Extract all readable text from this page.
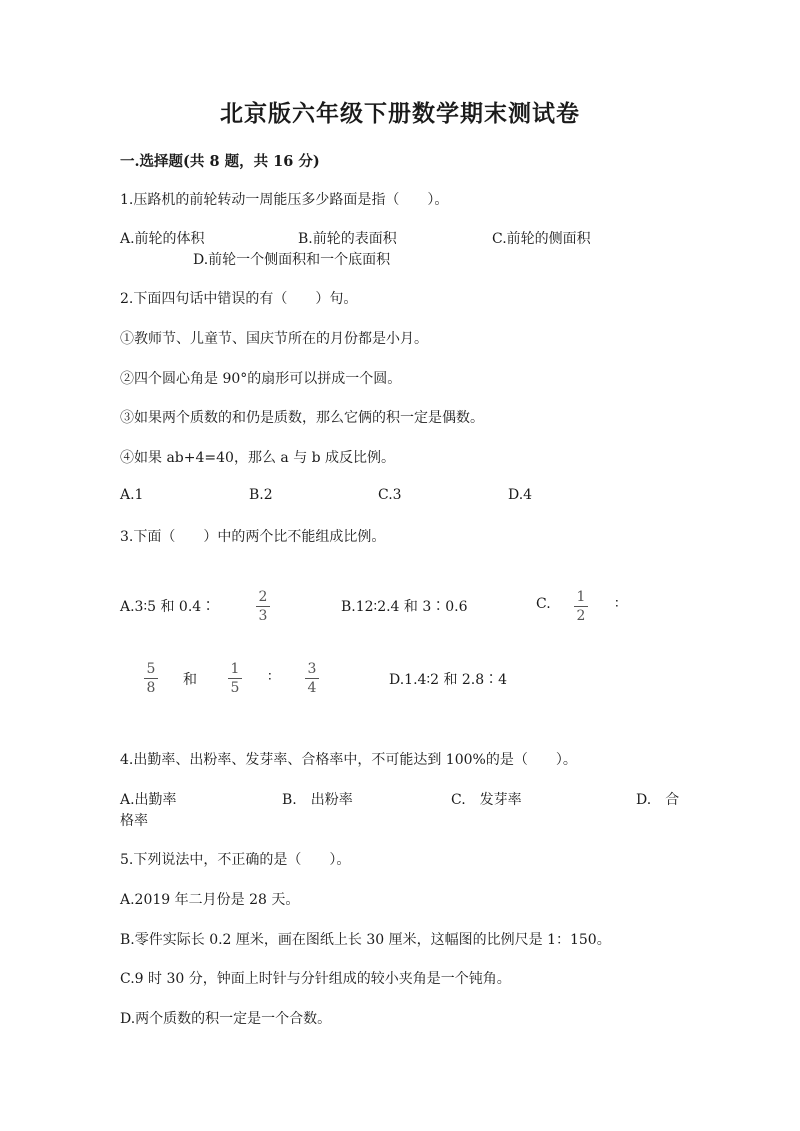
北京版六年级下册数学期末测试卷
一.选择题(共 8 题，共 16 分)
1.压路机的前轮转动一周能压多少路面是指（　　）。
A.前轮的体积	B.前轮的表面积	C.前轮的侧面积
D.前轮一个侧面积和一个底面积
2.下面四句话中错误的有（　　）句。
①教师节、儿童节、国庆节所在的月份都是小月。
②四个圆心角是 90°的扇形可以拼成一个圆。
③如果两个质数的和仍是质数，那么它俩的积一定是偶数。
④如果 ab+4=40，那么 a 与 b 成反比例。
A.1	B.2	C.3	D.4
3.下面（　　）中的两个比不能组成比例。
A.3∶5 和 0.4∶
2
3
B.12∶2.4 和 3∶0.6	C.	1
2
∶
5
8	和
1
5
∶	3
4	D.1.4∶2 和 2.8∶4
4.出勤率、出粉率、发芽率、合格率中，不可能达到 100%的是（　　）。
A.出勤率	B.　出粉率	C.　发芽率	D.　合
格率
5.下列说法中，不正确的是（　　）。
A.2019 年二月份是 28 天。
B.零件实际长 0.2 厘米，画在图纸上长 30 厘米，这幅图的比例尺是 1：150。
C.9 时 30 分，钟面上时针与分针组成的较小夹角是一个钝角。
D.两个质数的积一定是一个合数。
